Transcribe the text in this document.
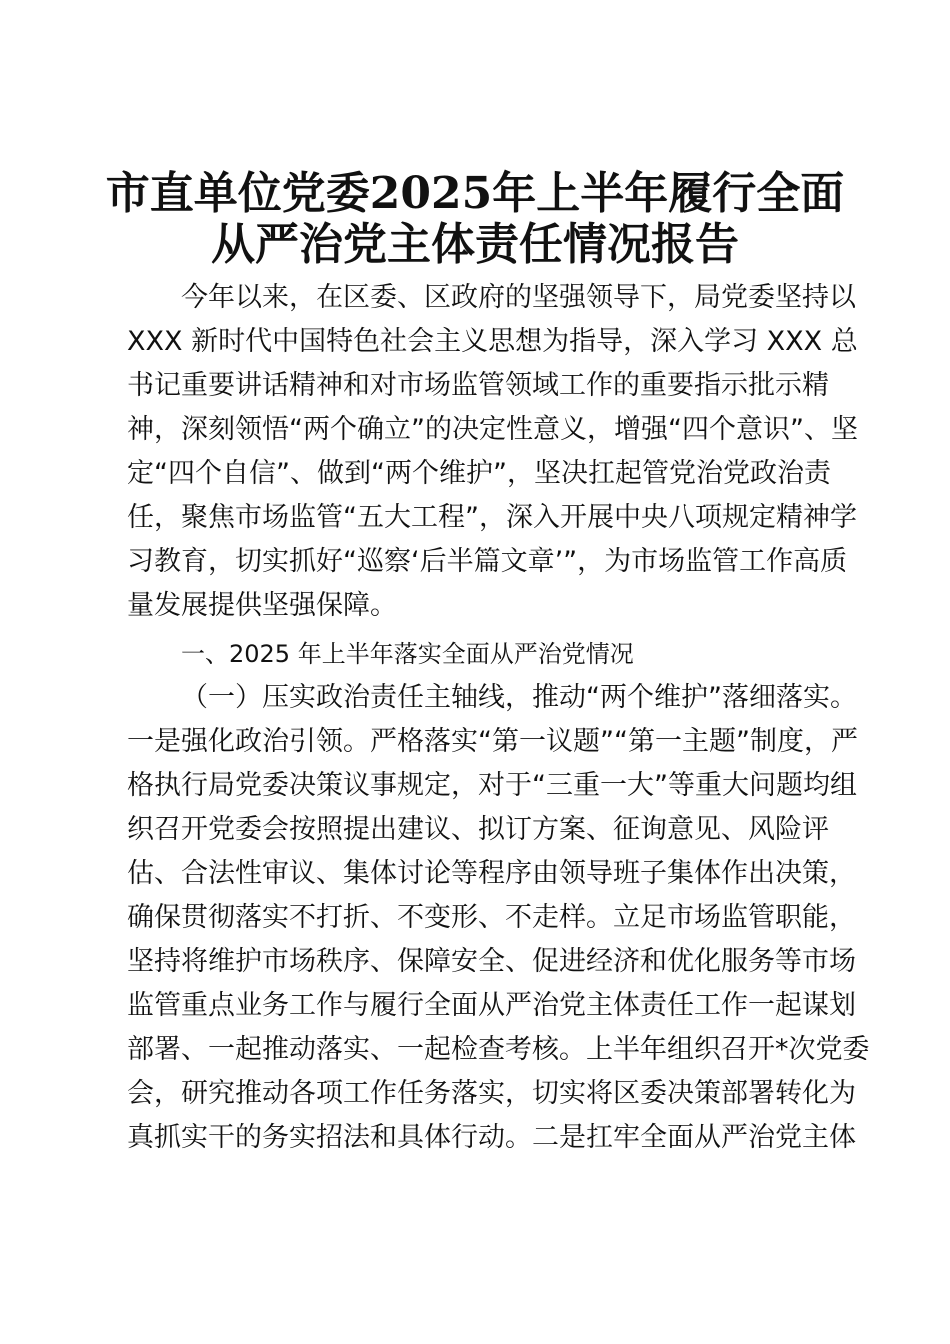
市直单位党委2025年上半年履行全面
从严治党主体责任情况报告

今年以来，在区委、区政府的坚强领导下，局党委坚持以

XXX 新时代中国特色社会主义思想为指导，深入学习 XXX 总

书记重要讲话精神和对市场监管领域工作的重要指示批示精

神，深刻领悟“两个确立”的决定性意义，增强“四个意识”、坚

定“四个自信”、做到“两个维护”，坚决扛起管党治党政治责

任，聚焦市场监管“五大工程”，深入开展中央八项规定精神学

习教育，切实抓好“巡察‘后半篇文章’”，为市场监管工作高质

量发展提供坚强保障。

一、2025 年上半年落实全面从严治党情况

（一）压实政治责任主轴线，推动“两个维护”落细落实。

一是强化政治引领。严格落实“第一议题”“第一主题”制度，严

格执行局党委决策议事规定，对于“三重一大”等重大问题均组

织召开党委会按照提出建议、拟订方案、征询意见、风险评

估、合法性审议、集体讨论等程序由领导班子集体作出决策，

确保贯彻落实不打折、不变形、不走样。立足市场监管职能，

坚持将维护市场秩序、保障安全、促进经济和优化服务等市场

监管重点业务工作与履行全面从严治党主体责任工作一起谋划

部署、一起推动落实、一起检查考核。上半年组织召开*次党委

会，研究推动各项工作任务落实，切实将区委决策部署转化为

真抓实干的务实招法和具体行动。二是扛牢全面从严治党主体
